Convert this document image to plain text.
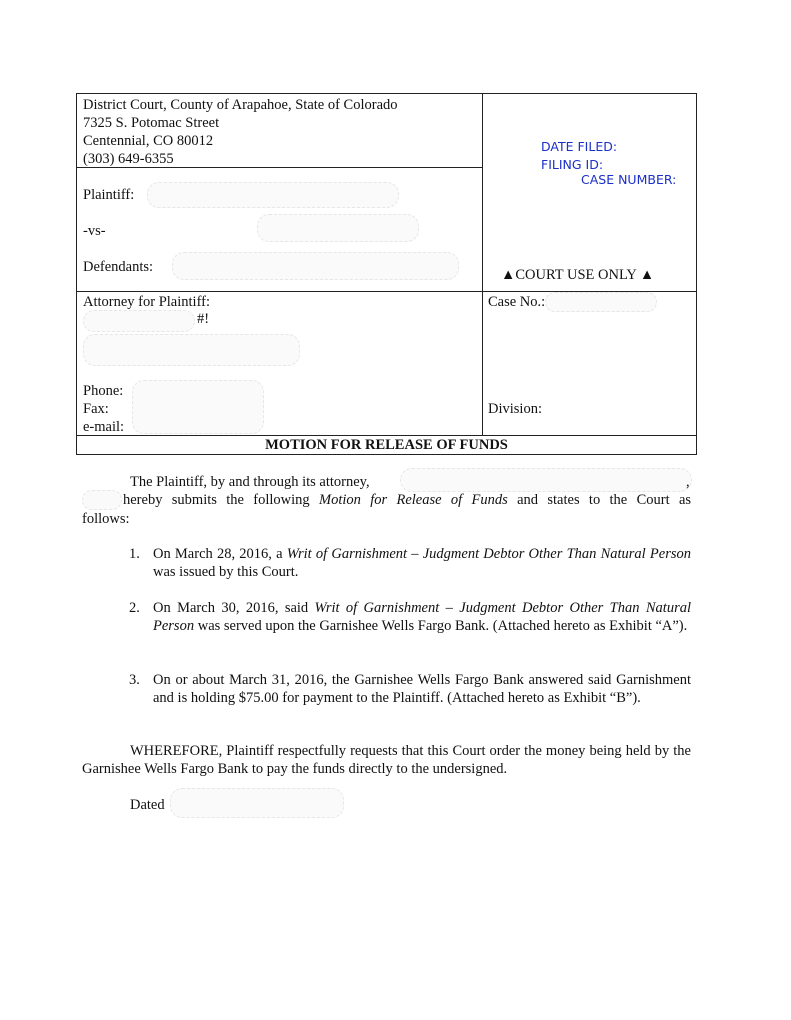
District Court, County of Arapahoe, State of Colorado
7325 S. Potomac Street
Centennial, CO 80012
(303) 649-6355
DATE FILED:
FILING ID:
CASE NUMBER:
Plaintiff:
-vs-
Defendants:	▲COURT USE ONLY ▲
Attorney for Plaintiff:
#!
Phone:
Fax:
e-mail:
Case No.:
Division:
MOTION FOR RELEASE OF FUNDS
The Plaintiff, by and through its attorney,	,
hereby submits the following Motion for Release of Funds and states to the Court as
follows:
1. On March 28, 2016, a Writ of Garnishment – Judgment Debtor Other Than Natural Person was issued by this Court.
2. On March 30, 2016, said Writ of Garnishment – Judgment Debtor Other Than Natural Person was served upon the Garnishee Wells Fargo Bank. (Attached hereto as Exhibit “A”).
3. On or about March 31, 2016, the Garnishee Wells Fargo Bank answered said Garnishment and is holding $75.00 for payment to the Plaintiff. (Attached hereto as Exhibit “B”).
WHEREFORE, Plaintiff respectfully requests that this Court order the money being held by the Garnishee Wells Fargo Bank to pay the funds directly to the undersigned.
Dated
